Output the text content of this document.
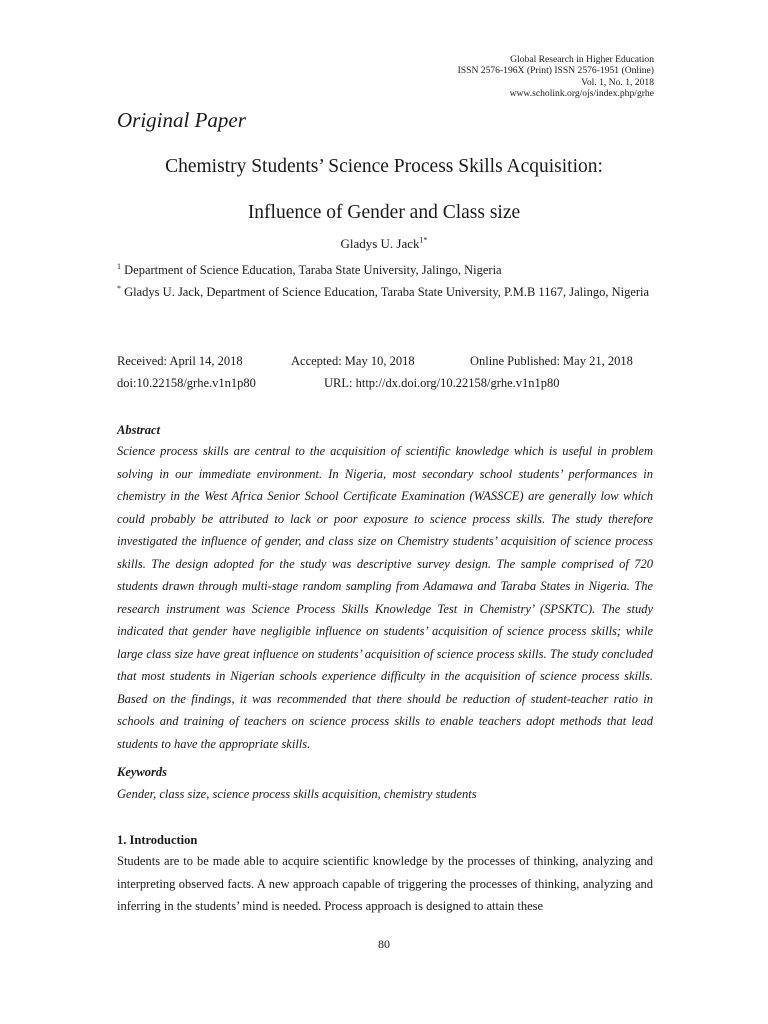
Global Research in Higher Education
ISSN 2576-196X (Print) ISSN 2576-1951 (Online)
Vol. 1, No. 1, 2018
www.scholink.org/ojs/index.php/grhe
Original Paper
Chemistry Students’ Science Process Skills Acquisition:
Influence of Gender and Class size
Gladys U. Jack$^{1*}$
$^1$ Department of Science Education, Taraba State University, Jalingo, Nigeria
* Gladys U. Jack, Department of Science Education, Taraba State University, P.M.B 1167, Jalingo, Nigeria
Received: April 14, 2018	Accepted: May 10, 2018	Online Published: May 21, 2018
doi:10.22158/grhe.v1n1p80	URL: http://dx.doi.org/10.22158/grhe.v1n1p80
Abstract
Science process skills are central to the acquisition of scientific knowledge which is useful in problem solving in our immediate environment. In Nigeria, most secondary school students’ performances in chemistry in the West Africa Senior School Certificate Examination (WASSCE) are generally low which could probably be attributed to lack or poor exposure to science process skills. The study therefore investigated the influence of gender, and class size on Chemistry students’ acquisition of science process skills. The design adopted for the study was descriptive survey design. The sample comprised of 720 students drawn through multi-stage random sampling from Adamawa and Taraba States in Nigeria. The research instrument was Science Process Skills Knowledge Test in Chemistry’ (SPSKTC). The study indicated that gender have negligible influence on students’ acquisition of science process skills; while large class size have great influence on students’ acquisition of science process skills. The study concluded that most students in Nigerian schools experience difficulty in the acquisition of science process skills. Based on the findings, it was recommended that there should be reduction of student-teacher ratio in schools and training of teachers on science process skills to enable teachers adopt methods that lead students to have the appropriate skills.
Keywords
Gender, class size, science process skills acquisition, chemistry students
1. Introduction
Students are to be made able to acquire scientific knowledge by the processes of thinking, analyzing and interpreting observed facts. A new approach capable of triggering the processes of thinking, analyzing and inferring in the students’ mind is needed. Process approach is designed to attain these
80
